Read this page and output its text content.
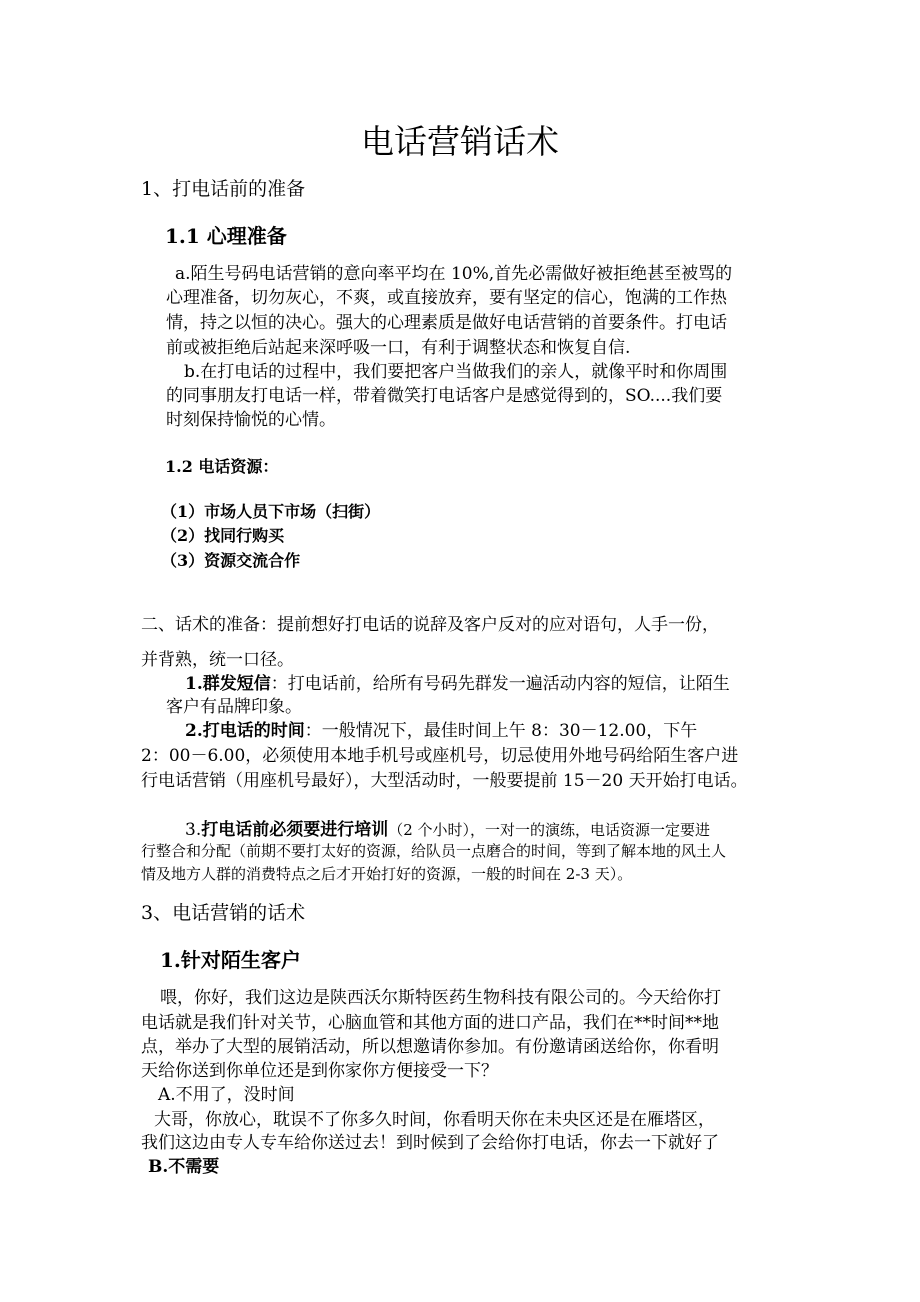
电话营销话术
1、打电话前的准备
1.1 心理准备
a.陌生号码电话营销的意向率平均在 10%,首先必需做好被拒绝甚至被骂的
心理准备，切勿灰心，不爽，或直接放弃，要有坚定的信心，饱满的工作热
情，持之以恒的决心。强大的心理素质是做好电话营销的首要条件。打电话
前或被拒绝后站起来深呼吸一口，有利于调整状态和恢复自信.
b.在打电话的过程中，我们要把客户当做我们的亲人，就像平时和你周围
的同事朋友打电话一样，带着微笑打电话客户是感觉得到的，SO....我们要
时刻保持愉悦的心情。
1.2 电话资源：
（1）市场人员下市场（扫街）
（2）找同行购买
（3）资源交流合作
二、话术的准备：提前想好打电话的说辞及客户反对的应对语句，人手一份，
并背熟，统一口径。
1.群发短信：打电话前，给所有号码先群发一遍活动内容的短信，让陌生
客户有品牌印象。
2.打电话的时间：一般情况下，最佳时间上午 8：30－12.00，下午
2：00－6.00，必须使用本地手机号或座机号，切忌使用外地号码给陌生客户进
行电话营销（用座机号最好），大型活动时，一般要提前 15－20 天开始打电话。
3.打电话前必须要进行培训（2 个小时），一对一的演练，电话资源一定要进
行整合和分配（前期不要打太好的资源，给队员一点磨合的时间，等到了解本地的风土人
情及地方人群的消费特点之后才开始打好的资源，一般的时间在 2-3 天）。
3、电话营销的话术
1.针对陌生客户
喂，你好，我们这边是陕西沃尔斯特医药生物科技有限公司的。今天给你打
电话就是我们针对关节，心脑血管和其他方面的进口产品，我们在**时间**地
点，举办了大型的展销活动，所以想邀请你参加。有份邀请函送给你，你看明
天给你送到你单位还是到你家你方便接受一下？
A.不用了，没时间
大哥，你放心，耽误不了你多久时间，你看明天你在未央区还是在雁塔区，
我们这边由专人专车给你送过去！到时候到了会给你打电话，你去一下就好了
B.不需要
